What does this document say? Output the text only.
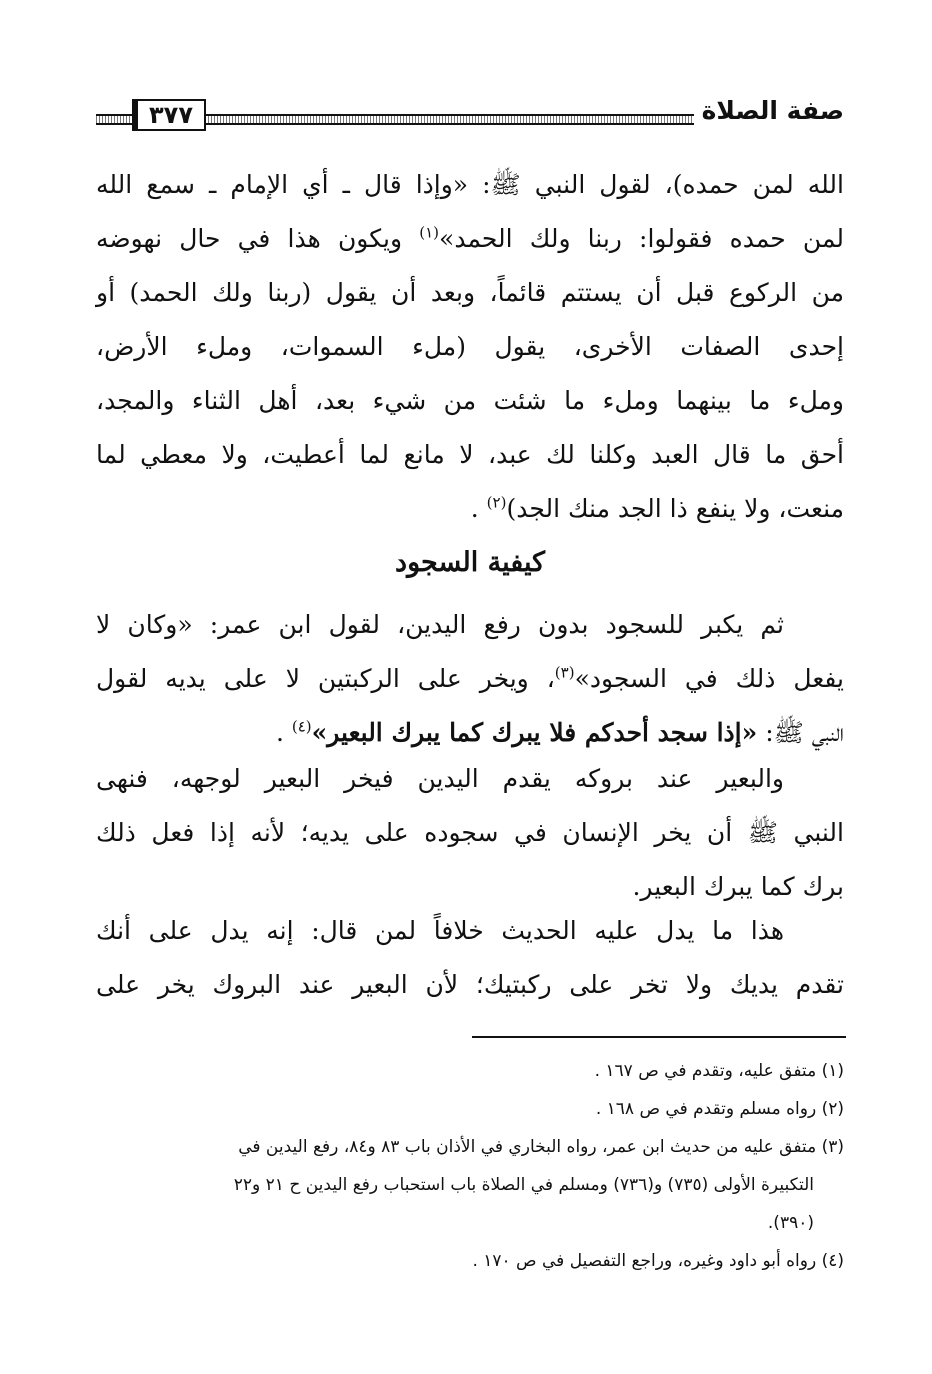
٣٧٧	صفة الصلاة
الله لمن حمده)، لقول النبي ﷺ: «وإذا قال ـ أي الإمام ـ سمع الله
لمن حمده فقولوا: ربنا ولك الحمد»$^{(١)}$ ويكون هذا في حال نهوضه
من الركوع قبل أن يستتم قائماً، وبعد أن يقول (ربنا ولك الحمد) أو
إحدى الصفات الأخرى، يقول (ملء السموات، وملء الأرض،
وملء ما بينهما وملء ما شئت من شيء بعد، أهل الثناء والمجد،
أحق ما قال العبد وكلنا لك عبد، لا مانع لما أعطيت، ولا معطي لما
منعت، ولا ينفع ذا الجد منك الجد)$^{(٢)}$ .
كيفية السجود
ثم يكبر للسجود بدون رفع اليدين، لقول ابن عمر: «وكان لا
يفعل ذلك في السجود»$^{(٣)}$، ويخر على الركبتين لا على يديه لقول
النبي ﷺ: «إذا سجد أحدكم فلا يبرك كما يبرك البعير»$^{(٤)}$ .
والبعير عند بروكه يقدم اليدين فيخر البعير لوجهه، فنهى
النبي ﷺ أن يخر الإنسان في سجوده على يديه؛ لأنه إذا فعل ذلك
برك كما يبرك البعير.
هذا ما يدل عليه الحديث خلافاً لمن قال: إنه يدل على أنك
تقدم يديك ولا تخر على ركبتيك؛ لأن البعير عند البروك يخر على
(١) متفق عليه، وتقدم في ص ١٦٧ .
(٢) رواه مسلم وتقدم في ص ١٦٨ .
(٣) متفق عليه من حديث ابن عمر، رواه البخاري في الأذان باب ٨٣ و٨٤، رفع اليدين في
التكبيرة الأولى (٧٣٥) و(٧٣٦) ومسلم في الصلاة باب استحباب رفع اليدين ح ٢١ و٢٢
(٣٩٠).
(٤) رواه أبو داود وغيره، وراجع التفصيل في ص ١٧٠ .
